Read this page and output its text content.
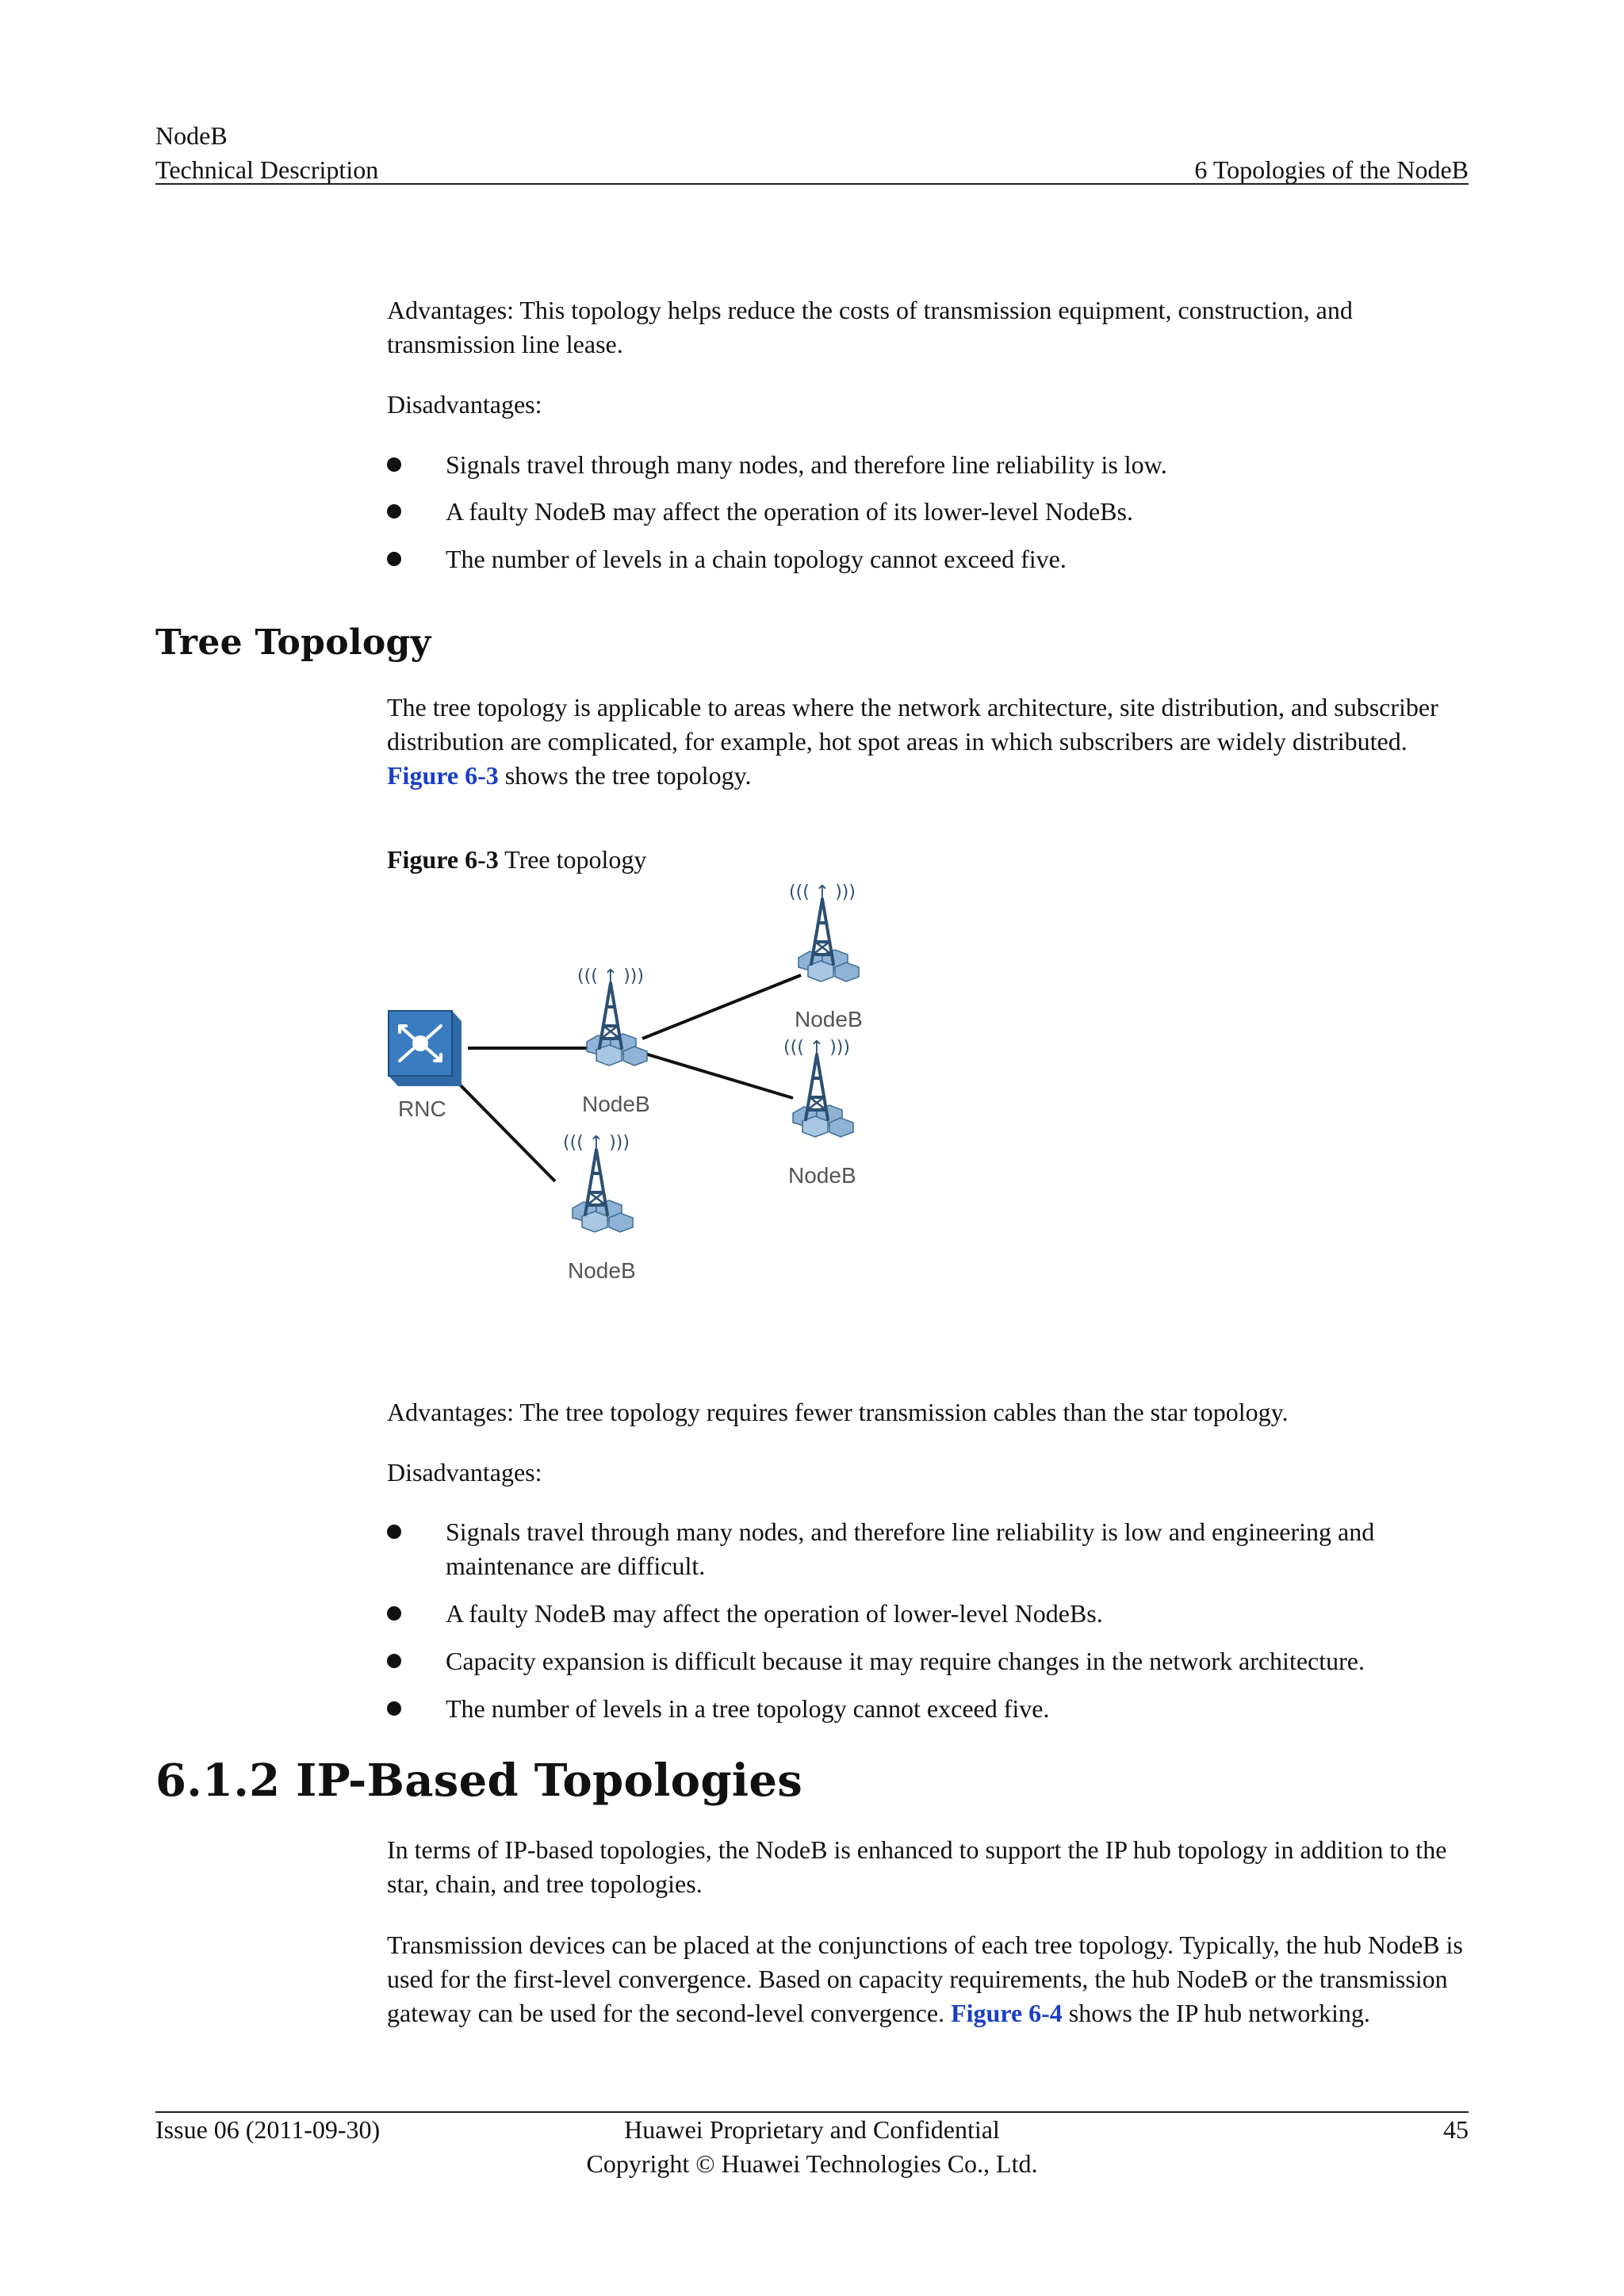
NodeB
Technical Description	6 Topologies of the NodeB
Advantages: This topology helps reduce the costs of transmission equipment, construction, and transmission line lease.
Disadvantages:
Signals travel through many nodes, and therefore line reliability is low.
A faulty NodeB may affect the operation of its lower-level NodeBs.
The number of levels in a chain topology cannot exceed five.
Tree Topology
The tree topology is applicable to areas where the network architecture, site distribution, and subscriber distribution are complicated, for example, hot spot areas in which subscribers are widely distributed. Figure 6-3 shows the tree topology.
Figure 6-3 Tree topology
((( ↑ )))
RNC	NodeB
NodeB
NodeB
NodeB
Advantages: The tree topology requires fewer transmission cables than the star topology.
Disadvantages:
Signals travel through many nodes, and therefore line reliability is low and engineering and maintenance are difficult.
A faulty NodeB may affect the operation of lower-level NodeBs.
Capacity expansion is difficult because it may require changes in the network architecture.
The number of levels in a tree topology cannot exceed five.
6.1.2 IP-Based Topologies
In terms of IP-based topologies, the NodeB is enhanced to support the IP hub topology in addition to the star, chain, and tree topologies.
Transmission devices can be placed at the conjunctions of each tree topology. Typically, the hub NodeB is used for the first-level convergence. Based on capacity requirements, the hub NodeB or the transmission gateway can be used for the second-level convergence. Figure 6-4 shows the IP hub networking.
Issue 06 (2011-09-30)	Huawei Proprietary and Confidential
Copyright © Huawei Technologies Co., Ltd.
45
